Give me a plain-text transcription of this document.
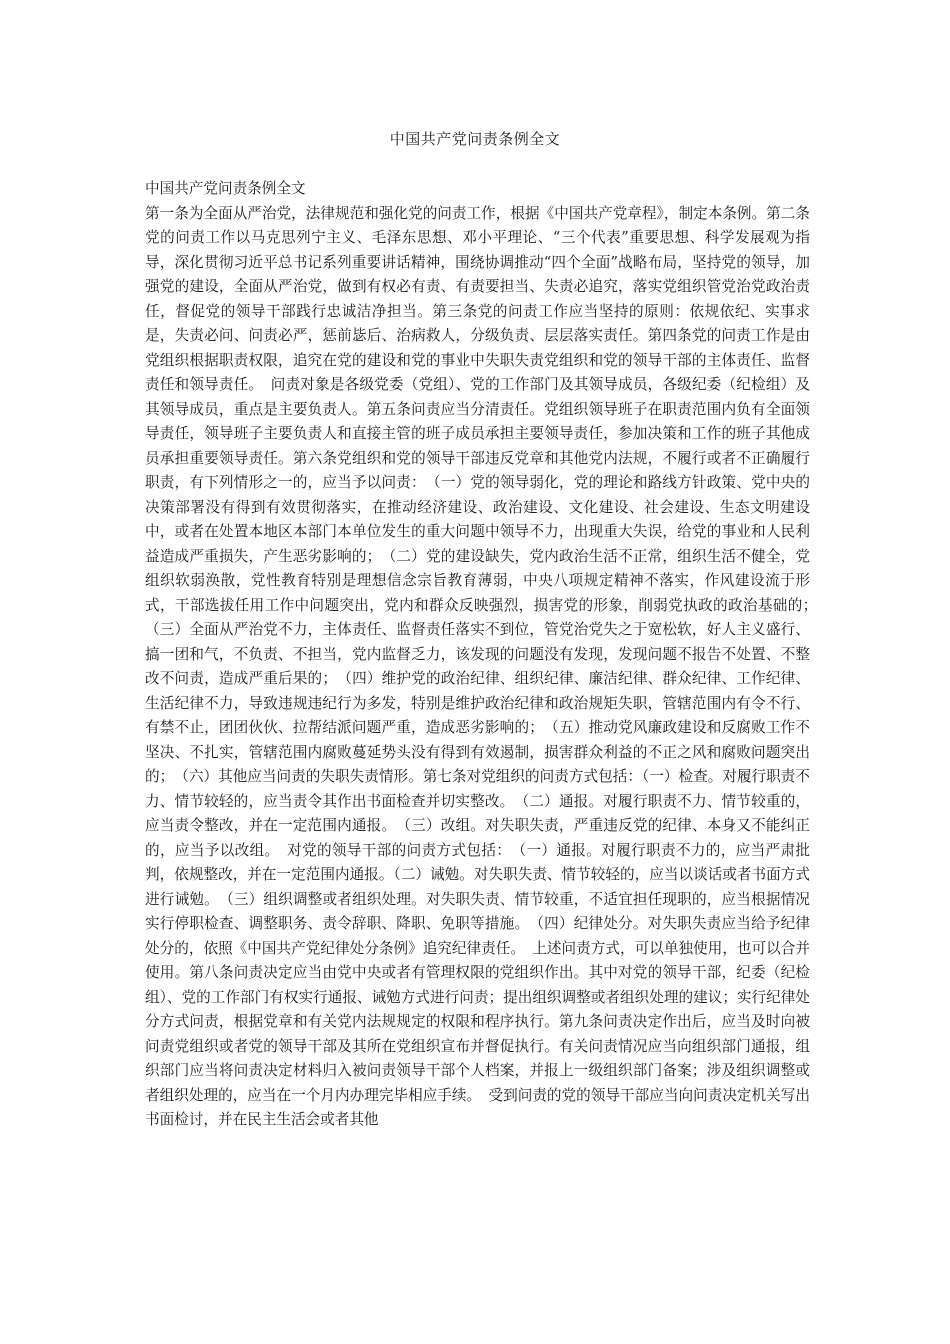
中国共产党问责条例全文
中国共产党问责条例全文

第一条为全面从严治党，法律规范和强化党的问责工作，根据《中国共产党章程》，制定本条例。第二条党的问责工作以马克思列宁主义、毛泽东思想、邓小平理论、“三个代表”重要思想、科学发展观为指导，深化贯彻习近平总书记系列重要讲话精神，围绕协调推动“四个全面”战略布局，坚持党的领导，加强党的建设，全面从严治党，做到有权必有责、有责要担当、失责必追究，落实党组织管党治党政治责任，督促党的领导干部践行忠诚洁净担当。第三条党的问责工作应当坚持的原则：依规依纪、实事求是，失责必问、问责必严，惩前毖后、治病救人，分级负责、层层落实责任。第四条党的问责工作是由党组织根据职责权限，追究在党的建设和党的事业中失职失责党组织和党的领导干部的主体责任、监督责任和领导责任。　问责对象是各级党委（党组）、党的工作部门及其领导成员，各级纪委（纪检组）及其领导成员，重点是主要负责人。第五条问责应当分清责任。党组织领导班子在职责范围内负有全面领导责任，领导班子主要负责人和直接主管的班子成员承担主要领导责任，参加决策和工作的班子其他成员承担重要领导责任。第六条党组织和党的领导干部违反党章和其他党内法规，不履行或者不正确履行职责，有下列情形之一的，应当予以问责：　（一）党的领导弱化，党的理论和路线方针政策、党中央的决策部署没有得到有效贯彻落实，在推动经济建设、政治建设、文化建设、社会建设、生态文明建设中，或者在处置本地区本部门本单位发生的重大问题中领导不力，出现重大失误，给党的事业和人民利益造成严重损失，产生恶劣影响的；　（二）党的建设缺失，党内政治生活不正常，组织生活不健全，党组织软弱涣散，党性教育特别是理想信念宗旨教育薄弱，中央八项规定精神不落实，作风建设流于形式，干部选拔任用工作中问题突出，党内和群众反映强烈，损害党的形象，削弱党执政的政治基础的；　（三）全面从严治党不力，主体责任、监督责任落实不到位，管党治党失之于宽松软，好人主义盛行、搞一团和气，不负责、不担当，党内监督乏力，该发现的问题没有发现，发现问题不报告不处置、不整改不问责，造成严重后果的；　（四）维护党的政治纪律、组织纪律、廉洁纪律、群众纪律、工作纪律、生活纪律不力，导致违规违纪行为多发，特别是维护政治纪律和政治规矩失职，管辖范围内有令不行、有禁不止，团团伙伙、拉帮结派问题严重，造成恶劣影响的；　（五）推动党风廉政建设和反腐败工作不坚决、不扎实，管辖范围内腐败蔓延势头没有得到有效遏制，损害群众利益的不正之风和腐败问题突出的；　（六）其他应当问责的失职失责情形。第七条对党组织的问责方式包括：（一）检查。对履行职责不力、情节较轻的，应当责令其作出书面检查并切实整改。　（二）通报。对履行职责不力、情节较重的，应当责令整改，并在一定范围内通报。　（三）改组。对失职失责，严重违反党的纪律、本身又不能纠正的，应当予以改组。　对党的领导干部的问责方式包括：　（一）通报。对履行职责不力的，应当严肃批判，依规整改，并在一定范围内通报。（二）诫勉。对失职失责、情节较轻的，应当以谈话或者书面方式进行诫勉。　（三）组织调整或者组织处理。对失职失责、情节较重，不适宜担任现职的，应当根据情况实行停职检查、调整职务、责令辞职、降职、免职等措施。　（四）纪律处分。对失职失责应当给予纪律处分的，依照《中国共产党纪律处分条例》追究纪律责任。　上述问责方式，可以单独使用，也可以合并使用。第八条问责决定应当由党中央或者有管理权限的党组织作出。其中对党的领导干部，纪委（纪检组）、党的工作部门有权实行通报、诫勉方式进行问责；提出组织调整或者组织处理的建议；实行纪律处分方式问责，根据党章和有关党内法规规定的权限和程序执行。第九条问责决定作出后，应当及时向被问责党组织或者党的领导干部及其所在党组织宣布并督促执行。有关问责情况应当向组织部门通报，组织部门应当将问责决定材料归入被问责领导干部个人档案，并报上一级组织部门备案；涉及组织调整或者组织处理的，应当在一个月内办理完毕相应手续。　受到问责的党的领导干部应当向问责决定机关写出书面检讨，并在民主生活会或者其他
